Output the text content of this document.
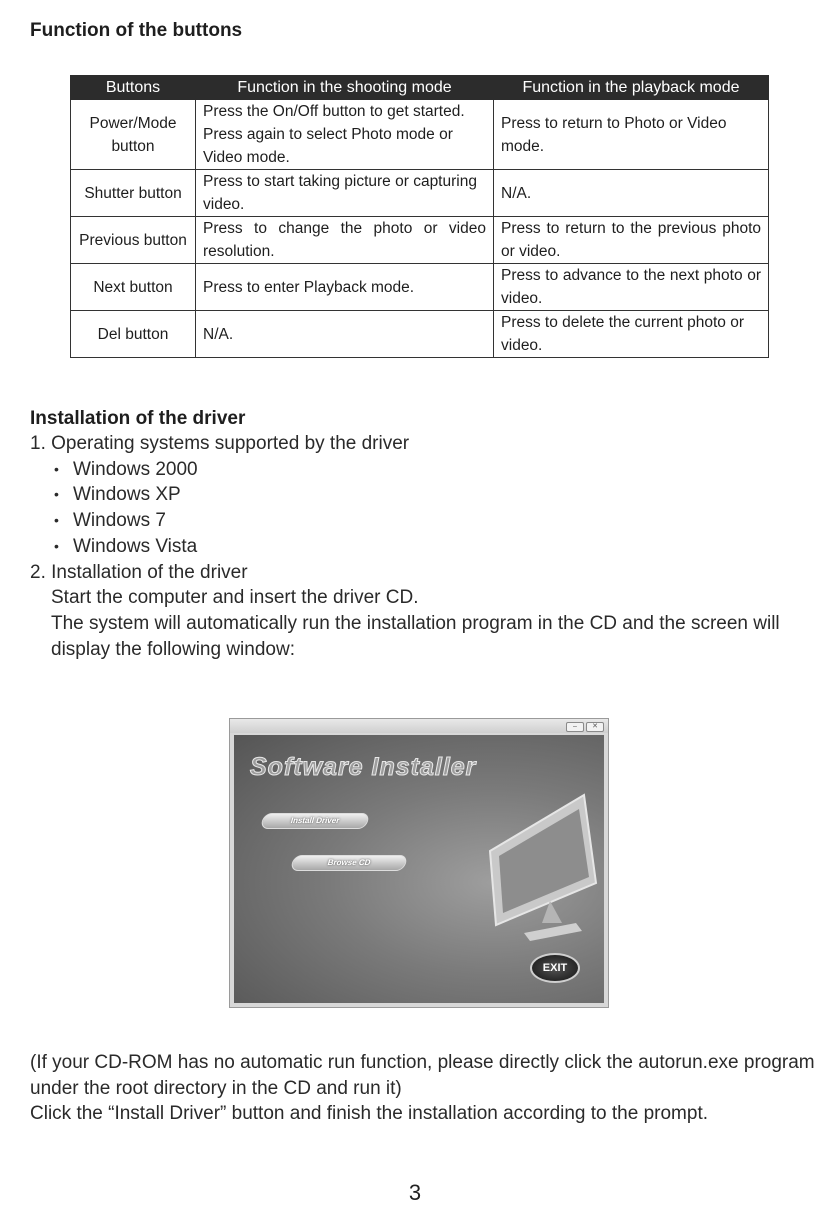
Function of the buttons
Buttons	Function in the shooting mode	Function in the playback mode
Power/Mode button	Press the On/Off button to get started. Press again to select Photo mode or Video mode.	Press to return to Photo or Video mode.
Shutter button	Press to start taking picture or capturing video.	N/A.
Previous button	Press to change the photo or video resolution.	Press to return to the previous photo or video.
Next button	Press to enter Playback mode.	Press to advance to the next photo or video.
Del button	N/A.	Press to delete the current photo or video.
Installation of the driver
1. Operating systems supported by the driver
• Windows 2000
• Windows XP
• Windows 7
• Windows Vista
2. Installation of the driver
Start the computer and insert the driver CD.
The system will automatically run the installation program in the CD and the screen will display the following window:
–	✕
Software Installer
Install Driver
Browse CD
EXIT
(If your CD-ROM has no automatic run function, please directly click the autorun.exe program under the root directory in the CD and run it)
Click the “Install Driver” button and finish the installation according to the prompt.
3
